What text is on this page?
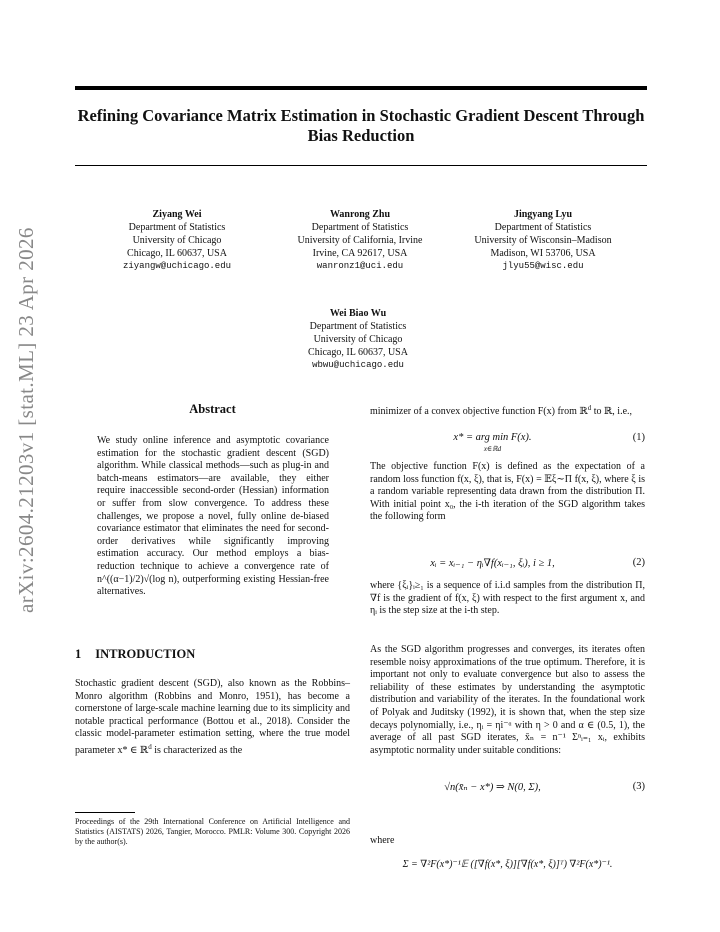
arXiv:2604.21203v1 [stat.ML] 23 Apr 2026
Refining Covariance Matrix Estimation in Stochastic Gradient Descent Through Bias Reduction
Ziyang Wei
Department of Statistics
University of Chicago
Chicago, IL 60637, USA
ziyangw@uchicago.edu
Wanrong Zhu
Department of Statistics
University of California, Irvine
Irvine, CA 92617, USA
wanronz1@uci.edu
Jingyang Lyu
Department of Statistics
University of Wisconsin–Madison
Madison, WI 53706, USA
jlyu55@wisc.edu
Wei Biao Wu
Department of Statistics
University of Chicago
Chicago, IL 60637, USA
wbwu@uchicago.edu
Abstract
We study online inference and asymptotic covariance estimation for the stochastic gradient descent (SGD) algorithm. While classical methods—such as plug-in and batch-means estimators—are available, they either require inaccessible second-order (Hessian) information or suffer from slow convergence. To address these challenges, we propose a novel, fully online de-biased covariance estimator that eliminates the need for second-order derivatives while significantly improving estimation accuracy. Our method employs a bias-reduction technique to achieve a convergence rate of n^((α−1)/2)√(log n), outperforming existing Hessian-free alternatives.
1 INTRODUCTION
Stochastic gradient descent (SGD), also known as the Robbins–Monro algorithm (Robbins and Monro, 1951), has become a cornerstone of large-scale machine learning due to its simplicity and notable practical performance (Bottou et al., 2018). Consider the classic model-parameter estimation setting, where the true model parameter x* ∈ ℝ$^d$ is characterized as the
Proceedings of the 29th International Conference on Artificial Intelligence and Statistics (AISTATS) 2026, Tangier, Morocco. PMLR: Volume 300. Copyright 2026 by the author(s).
minimizer of a convex objective function F(x) from ℝ$^d$ to ℝ, i.e.,
x* = arg min F(x).
x∈ℝd
(1)
The objective function F(x) is defined as the expectation of a random loss function f(x, ξ), that is, F(x) = 𝔼ξ∼Π f(x, ξ), where ξ is a random variable representing data drawn from the distribution Π. With initial point x₀, the i-th iteration of the SGD algorithm takes the following form
xᵢ = xᵢ₋₁ − ηᵢ∇f(xᵢ₋₁, ξᵢ), i ≥ 1,	(2)
where {ξᵢ}ᵢ≥₁ is a sequence of i.i.d samples from the distribution Π, ∇f is the gradient of f(x, ξ) with respect to the first argument x, and ηᵢ is the step size at the i-th step.
As the SGD algorithm progresses and converges, its iterates often resemble noisy approximations of the true optimum. Therefore, it is important not only to evaluate convergence but also to assess the reliability of these estimates by understanding the asymptotic distribution and variability of the iterates. In the foundational work of Polyak and Juditsky (1992), it is shown that, when the step size decays polynomially, i.e., ηᵢ = ηi⁻ᵅ with η > 0 and α ∈ (0.5, 1), the average of all past SGD iterates, x̄ₙ = n⁻¹ Σⁿᵢ₌₁ xᵢ, exhibits asymptotic normality under suitable conditions:
√n(x̄ₙ − x*) ⇒ N(0, Σ),	(3)
where
Σ = ∇²F(x*)⁻¹𝔼 ([∇f(x*, ξ)][∇f(x*, ξ)]ᵀ) ∇²F(x*)⁻¹.
